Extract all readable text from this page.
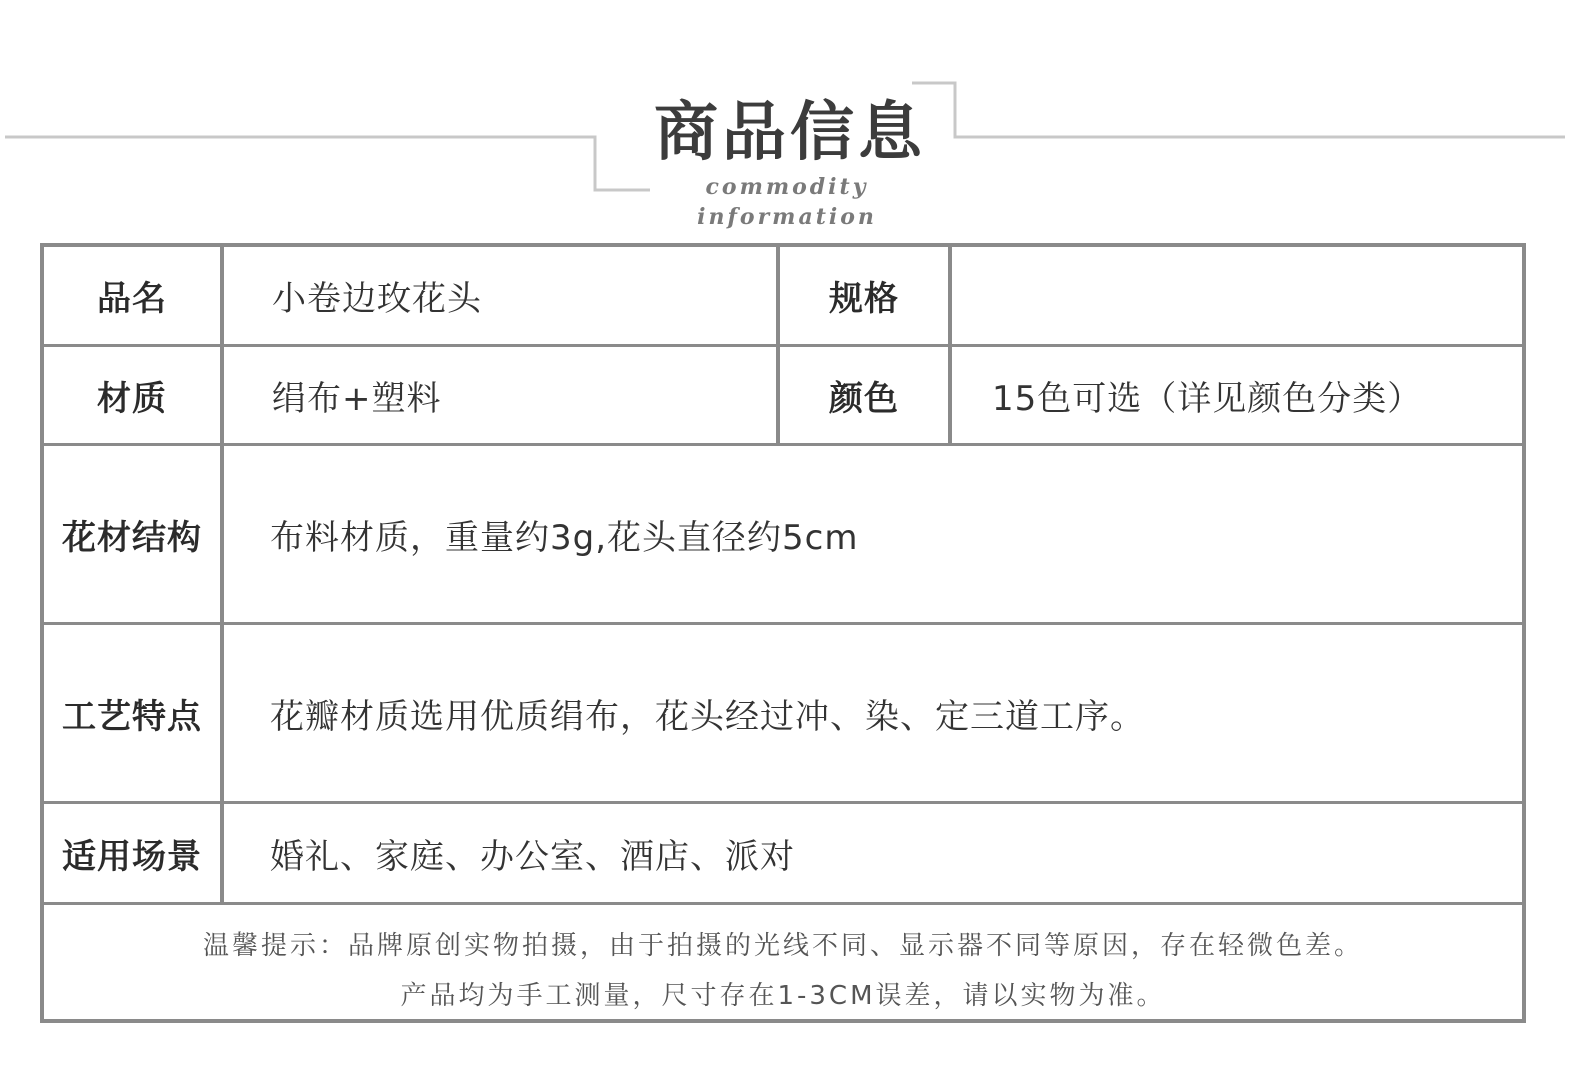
商品信息
commodity information
品名	小卷边玫花头	规格
材质	绢布+塑料	颜色	15色可选（详见颜色分类）
花材结构	布料材质，重量约3g,花头直径约5cm
工艺特点	花瓣材质选用优质绢布，花头经过冲、染、定三道工序。
适用场景	婚礼、家庭、办公室、酒店、派对
温馨提示：品牌原创实物拍摄，由于拍摄的光线不同、显示器不同等原因，存在轻微色差。
产品均为手工测量，尺寸存在1-3CM误差，请以实物为准。
